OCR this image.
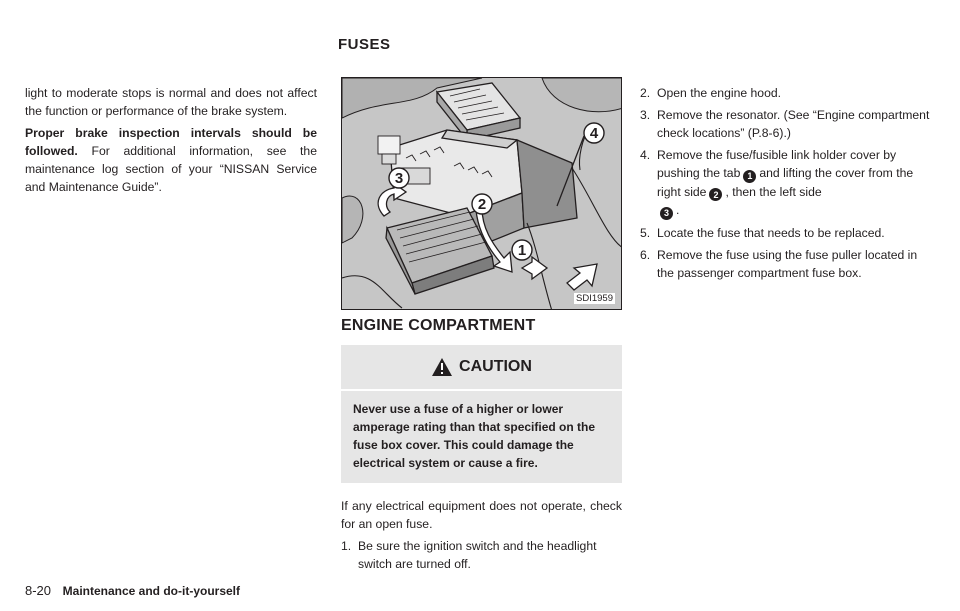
FUSES

light to moderate stops is normal and does not affect the function or performance of the brake system.

Proper brake inspection intervals should be followed. For additional information, see the maintenance log section of your “NISSAN Service and Maintenance Guide”.	3
2
1
4
SDI1959
ENGINE COMPARTMENT
CAUTION

Never use a fuse of a higher or lower amperage rating than that specified on the fuse box cover. This could damage the electrical system or cause a fire.

If any electrical equipment does not operate, check for an open fuse.

1. Be sure the ignition switch and the headlight switch are turned off.
2. Open the engine hood.
3. Remove the resonator. (See “Engine compartment check locations” (P.8-6).)
4. Remove the fuse/fusible link holder cover by pushing the tab 1 and lifting the cover from the right side 2 , then the left side
3 .
5. Locate the fuse that needs to be replaced.
6. Remove the fuse using the fuse puller located in the passenger compartment fuse box.
8-20 Maintenance and do-it-yourself
